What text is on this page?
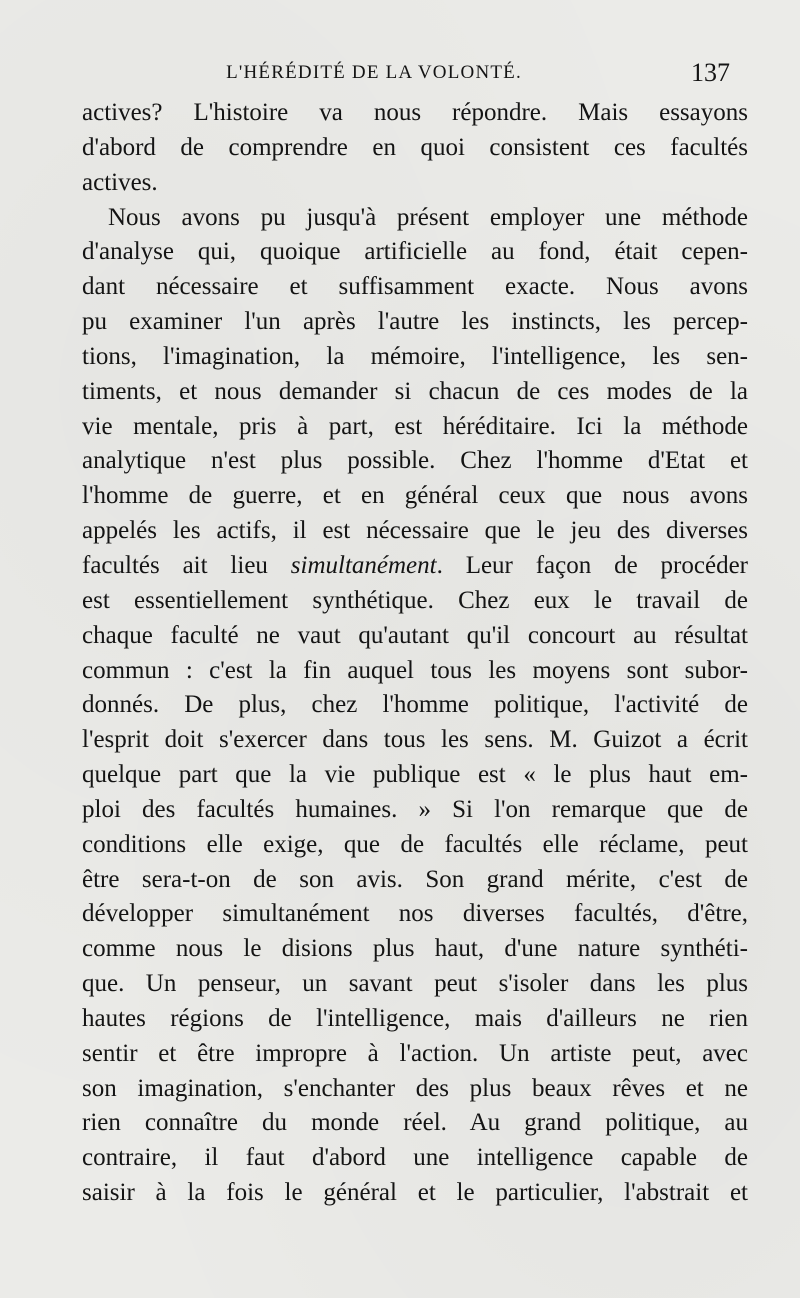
L'HÉRÉDITÉ DE LA VOLONTÉ.	137
actives? L'histoire va nous répondre. Mais essayons
d'abord de comprendre en quoi consistent ces facultés
actives.
Nous avons pu jusqu'à présent employer une méthode
d'analyse qui, quoique artificielle au fond, était cepen-
dant nécessaire et suffisamment exacte. Nous avons
pu examiner l'un après l'autre les instincts, les percep-
tions, l'imagination, la mémoire, l'intelligence, les sen-
timents, et nous demander si chacun de ces modes de la
vie mentale, pris à part, est héréditaire. Ici la méthode
analytique n'est plus possible. Chez l'homme d'Etat et
l'homme de guerre, et en général ceux que nous avons
appelés les actifs, il est nécessaire que le jeu des diverses
facultés ait lieu simultanément. Leur façon de procéder
est essentiellement synthétique. Chez eux le travail de
chaque faculté ne vaut qu'autant qu'il concourt au résultat
commun : c'est la fin auquel tous les moyens sont subor-
donnés. De plus, chez l'homme politique, l'activité de
l'esprit doit s'exercer dans tous les sens. M. Guizot a écrit
quelque part que la vie publique est « le plus haut em-
ploi des facultés humaines. » Si l'on remarque que de
conditions elle exige, que de facultés elle réclame, peut
être sera-t-on de son avis. Son grand mérite, c'est de
développer simultanément nos diverses facultés, d'être,
comme nous le disions plus haut, d'une nature synthéti-
que. Un penseur, un savant peut s'isoler dans les plus
hautes régions de l'intelligence, mais d'ailleurs ne rien
sentir et être impropre à l'action. Un artiste peut, avec
son imagination, s'enchanter des plus beaux rêves et ne
rien connaître du monde réel. Au grand politique, au
contraire, il faut d'abord une intelligence capable de
saisir à la fois le général et le particulier, l'abstrait et
